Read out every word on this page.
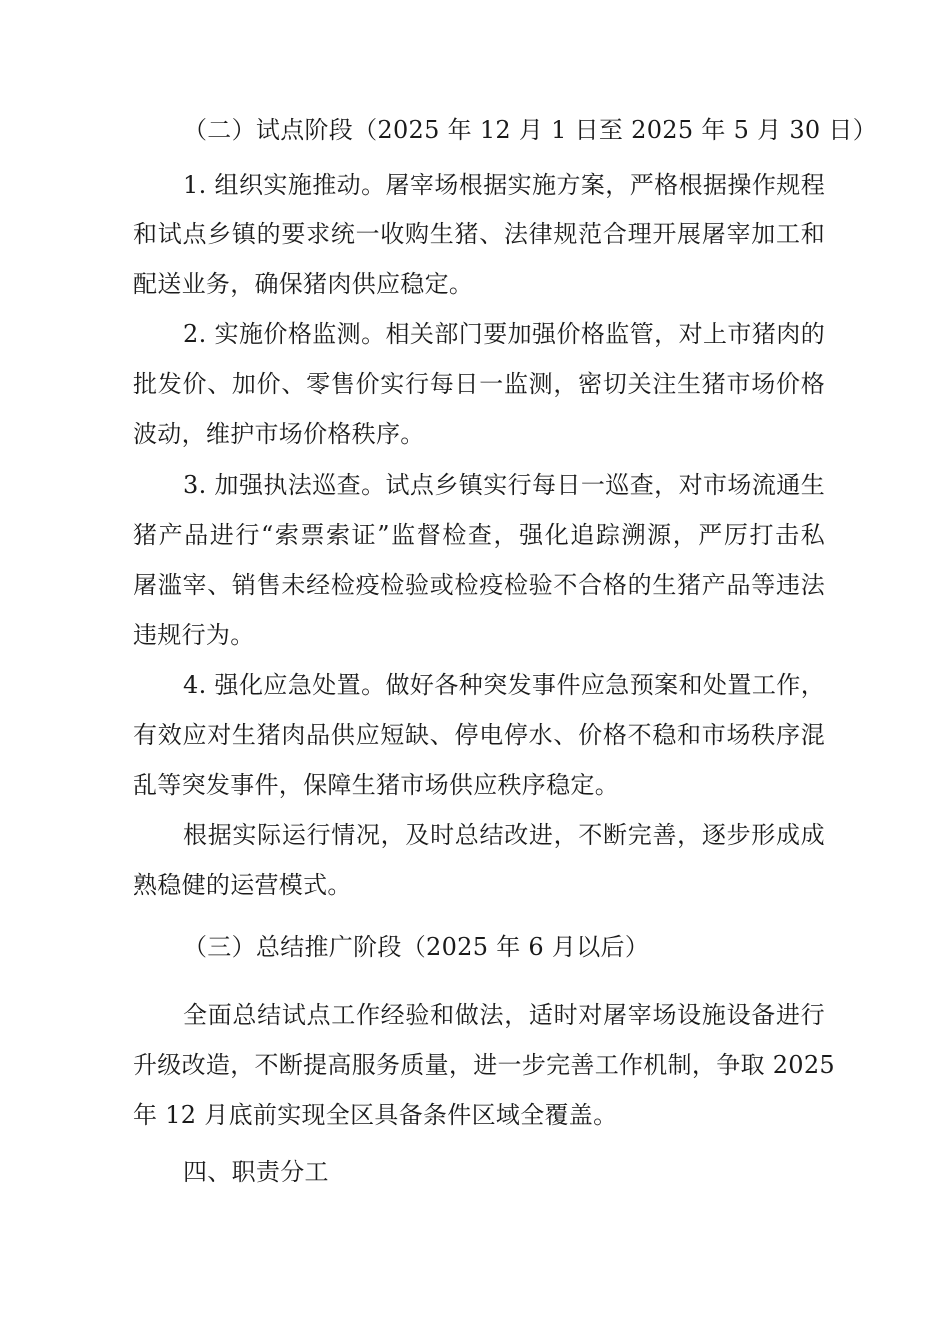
（二）试点阶段（2025 年 12 月 1 日至 2025 年 5 月 30 日）
1. 组织实施推动。屠宰场根据实施方案，严格根据操作规程
和试点乡镇的要求统一收购生猪、法律规范合理开展屠宰加工和
配送业务，确保猪肉供应稳定。
2. 实施价格监测。相关部门要加强价格监管，对上市猪肉的
批发价、加价、零售价实行每日一监测，密切关注生猪市场价格
波动，维护市场价格秩序。
3. 加强执法巡查。试点乡镇实行每日一巡查，对市场流通生
猪产品进行“索票索证”监督检查，强化追踪溯源，严厉打击私
屠滥宰、销售未经检疫检验或检疫检验不合格的生猪产品等违法
违规行为。
4. 强化应急处置。做好各种突发事件应急预案和处置工作，
有效应对生猪肉品供应短缺、停电停水、价格不稳和市场秩序混
乱等突发事件，保障生猪市场供应秩序稳定。
根据实际运行情况，及时总结改进，不断完善，逐步形成成
熟稳健的运营模式。
（三）总结推广阶段（2025 年 6 月以后）
全面总结试点工作经验和做法，适时对屠宰场设施设备进行
升级改造，不断提高服务质量，进一步完善工作机制，争取 2025
年 12 月底前实现全区具备条件区域全覆盖。
四、职责分工
